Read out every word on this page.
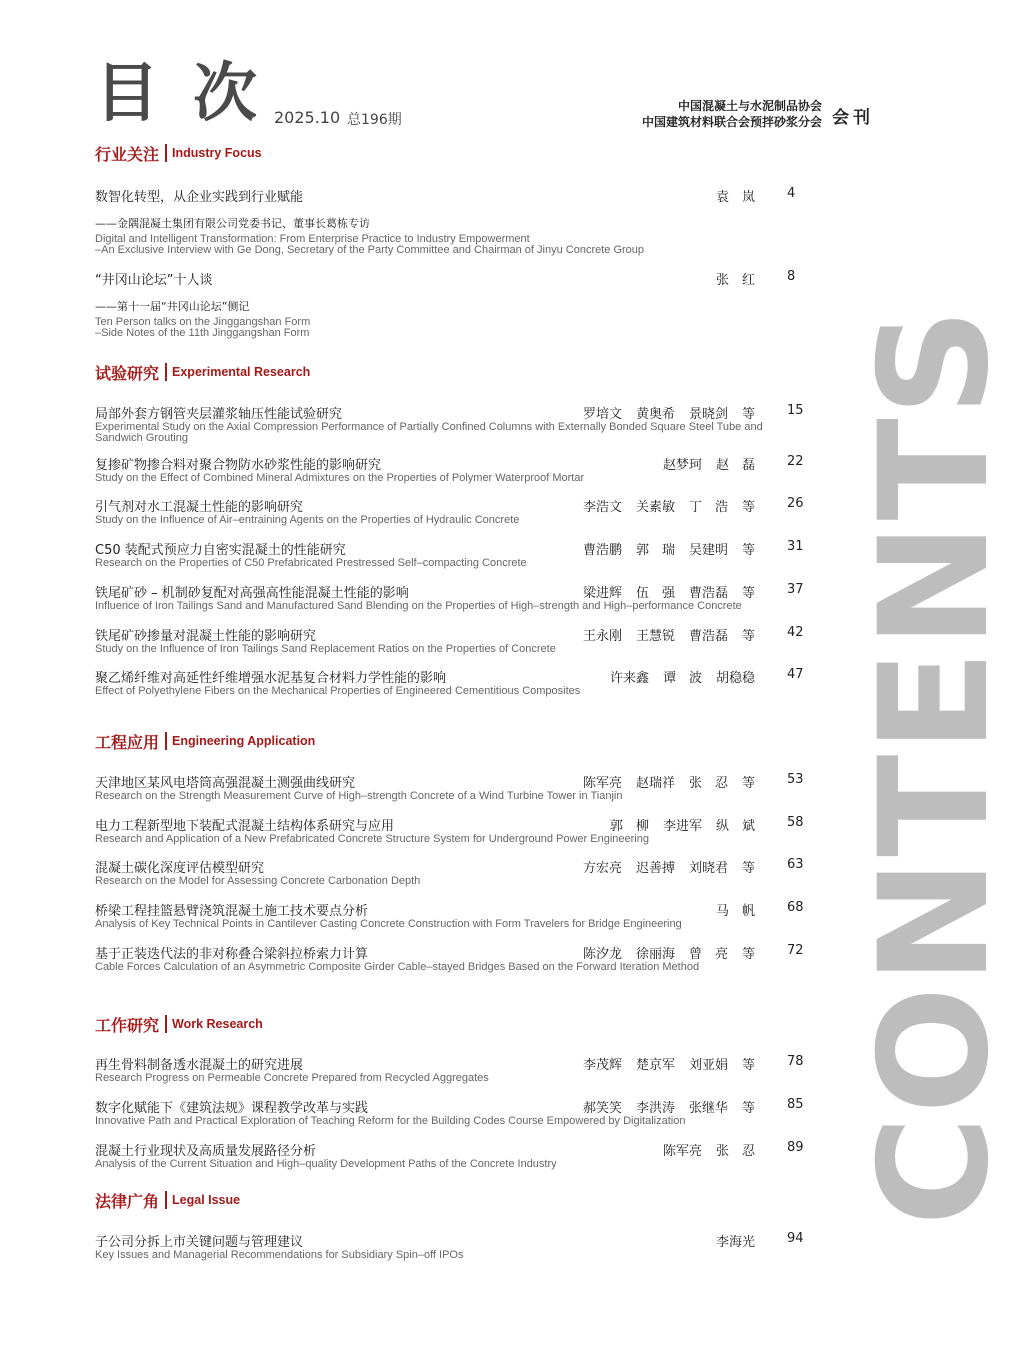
目次
2025.10 总196期
中国混凝土与水泥制品协会
中国建筑材料联合会预拌砂浆分会 会刊
CONTENTS
行业关注 Industry Focus
试验研究 Experimental Research
工程应用 Engineering Application
工作研究 Work Research
法律广角 Legal Issue
数智化转型，从企业实践到行业赋能	袁　岚 4
——金隅混凝土集团有限公司党委书记、董事长葛栋专访
Digital and Intelligent Transformation: From Enterprise Practice to Industry Empowerment
–An Exclusive Interview with Ge Dong, Secretary of the Party Committee and Chairman of Jinyu Concrete Group
“井冈山论坛”十人谈	张　红 8
——第十一届“井冈山论坛”侧记
Ten Person talks on the Jinggangshan Form
–Side Notes of the 11th Jinggangshan Form
局部外套方钢管夹层灌浆轴压性能试验研究	罗培文 黄奥希 景晓剑 等 15
Experimental Study on the Axial Compression Performance of Partially Confined Columns with Externally Bonded Square Steel Tube and
Sandwich Grouting
复掺矿物掺合料对聚合物防水砂浆性能的影响研究	赵梦珂 赵　磊 22
Study on the Effect of Combined Mineral Admixtures on the Properties of Polymer Waterproof Mortar
引气剂对水工混凝土性能的影响研究	李浩文 关素敏 丁　浩 等 26
Study on the Influence of Air–entraining Agents on the Properties of Hydraulic Concrete
C50 装配式预应力自密实混凝土的性能研究	曹浩鹏 郭　瑞 吴建明 等 31
Research on the Properties of C50 Prefabricated Prestressed Self–compacting Concrete
铁尾矿砂 – 机制砂复配对高强高性能混凝土性能的影响	梁进辉 伍　强 曹浩磊 等 37
Influence of Iron Tailings Sand and Manufactured Sand Blending on the Properties of High–strength and High–performance Concrete
铁尾矿砂掺量对混凝土性能的影响研究	王永刚 王慧锐 曹浩磊 等 42
Study on the Influence of Iron Tailings Sand Replacement Ratios on the Properties of Concrete
聚乙烯纤维对高延性纤维增强水泥基复合材料力学性能的影响	许来鑫 谭　波 胡稳稳 47
Effect of Polyethylene Fibers on the Mechanical Properties of Engineered Cementitious Composites
天津地区某风电塔筒高强混凝土测强曲线研究	陈军亮 赵瑞祥 张　忍 等 53
Research on the Strength Measurement Curve of High–strength Concrete of a Wind Turbine Tower in Tianjin
电力工程新型地下装配式混凝土结构体系研究与应用	郭　柳 李进军 纵　斌 58
Research and Application of a New Prefabricated Concrete Structure System for Underground Power Engineering
混凝土碳化深度评估模型研究	方宏亮 迟善搏 刘晓君 等 63
Research on the Model for Assessing Concrete Carbonation Depth
桥梁工程挂篮悬臂浇筑混凝土施工技术要点分析	马　帆 68
Analysis of Key Technical Points in Cantilever Casting Concrete Construction with Form Travelers for Bridge Engineering
基于正装迭代法的非对称叠合梁斜拉桥索力计算	陈汐龙 徐丽海 曾　亮 等 72
Cable Forces Calculation of an Asymmetric Composite Girder Cable–stayed Bridges Based on the Forward Iteration Method
再生骨料制备透水混凝土的研究进展	李茂辉 楚京军 刘亚娟 等 78
Research Progress on Permeable Concrete Prepared from Recycled Aggregates
数字化赋能下《建筑法规》课程教学改革与实践	郝笑笑 李洪涛 张继华 等 85
Innovative Path and Practical Exploration of Teaching Reform for the Building Codes Course Empowered by Digitalization
混凝土行业现状及高质量发展路径分析	陈军亮 张　忍 89
Analysis of the Current Situation and High–quality Development Paths of the Concrete Industry
子公司分拆上市关键问题与管理建议	李海光 94
Key Issues and Managerial Recommendations for Subsidiary Spin–off IPOs
